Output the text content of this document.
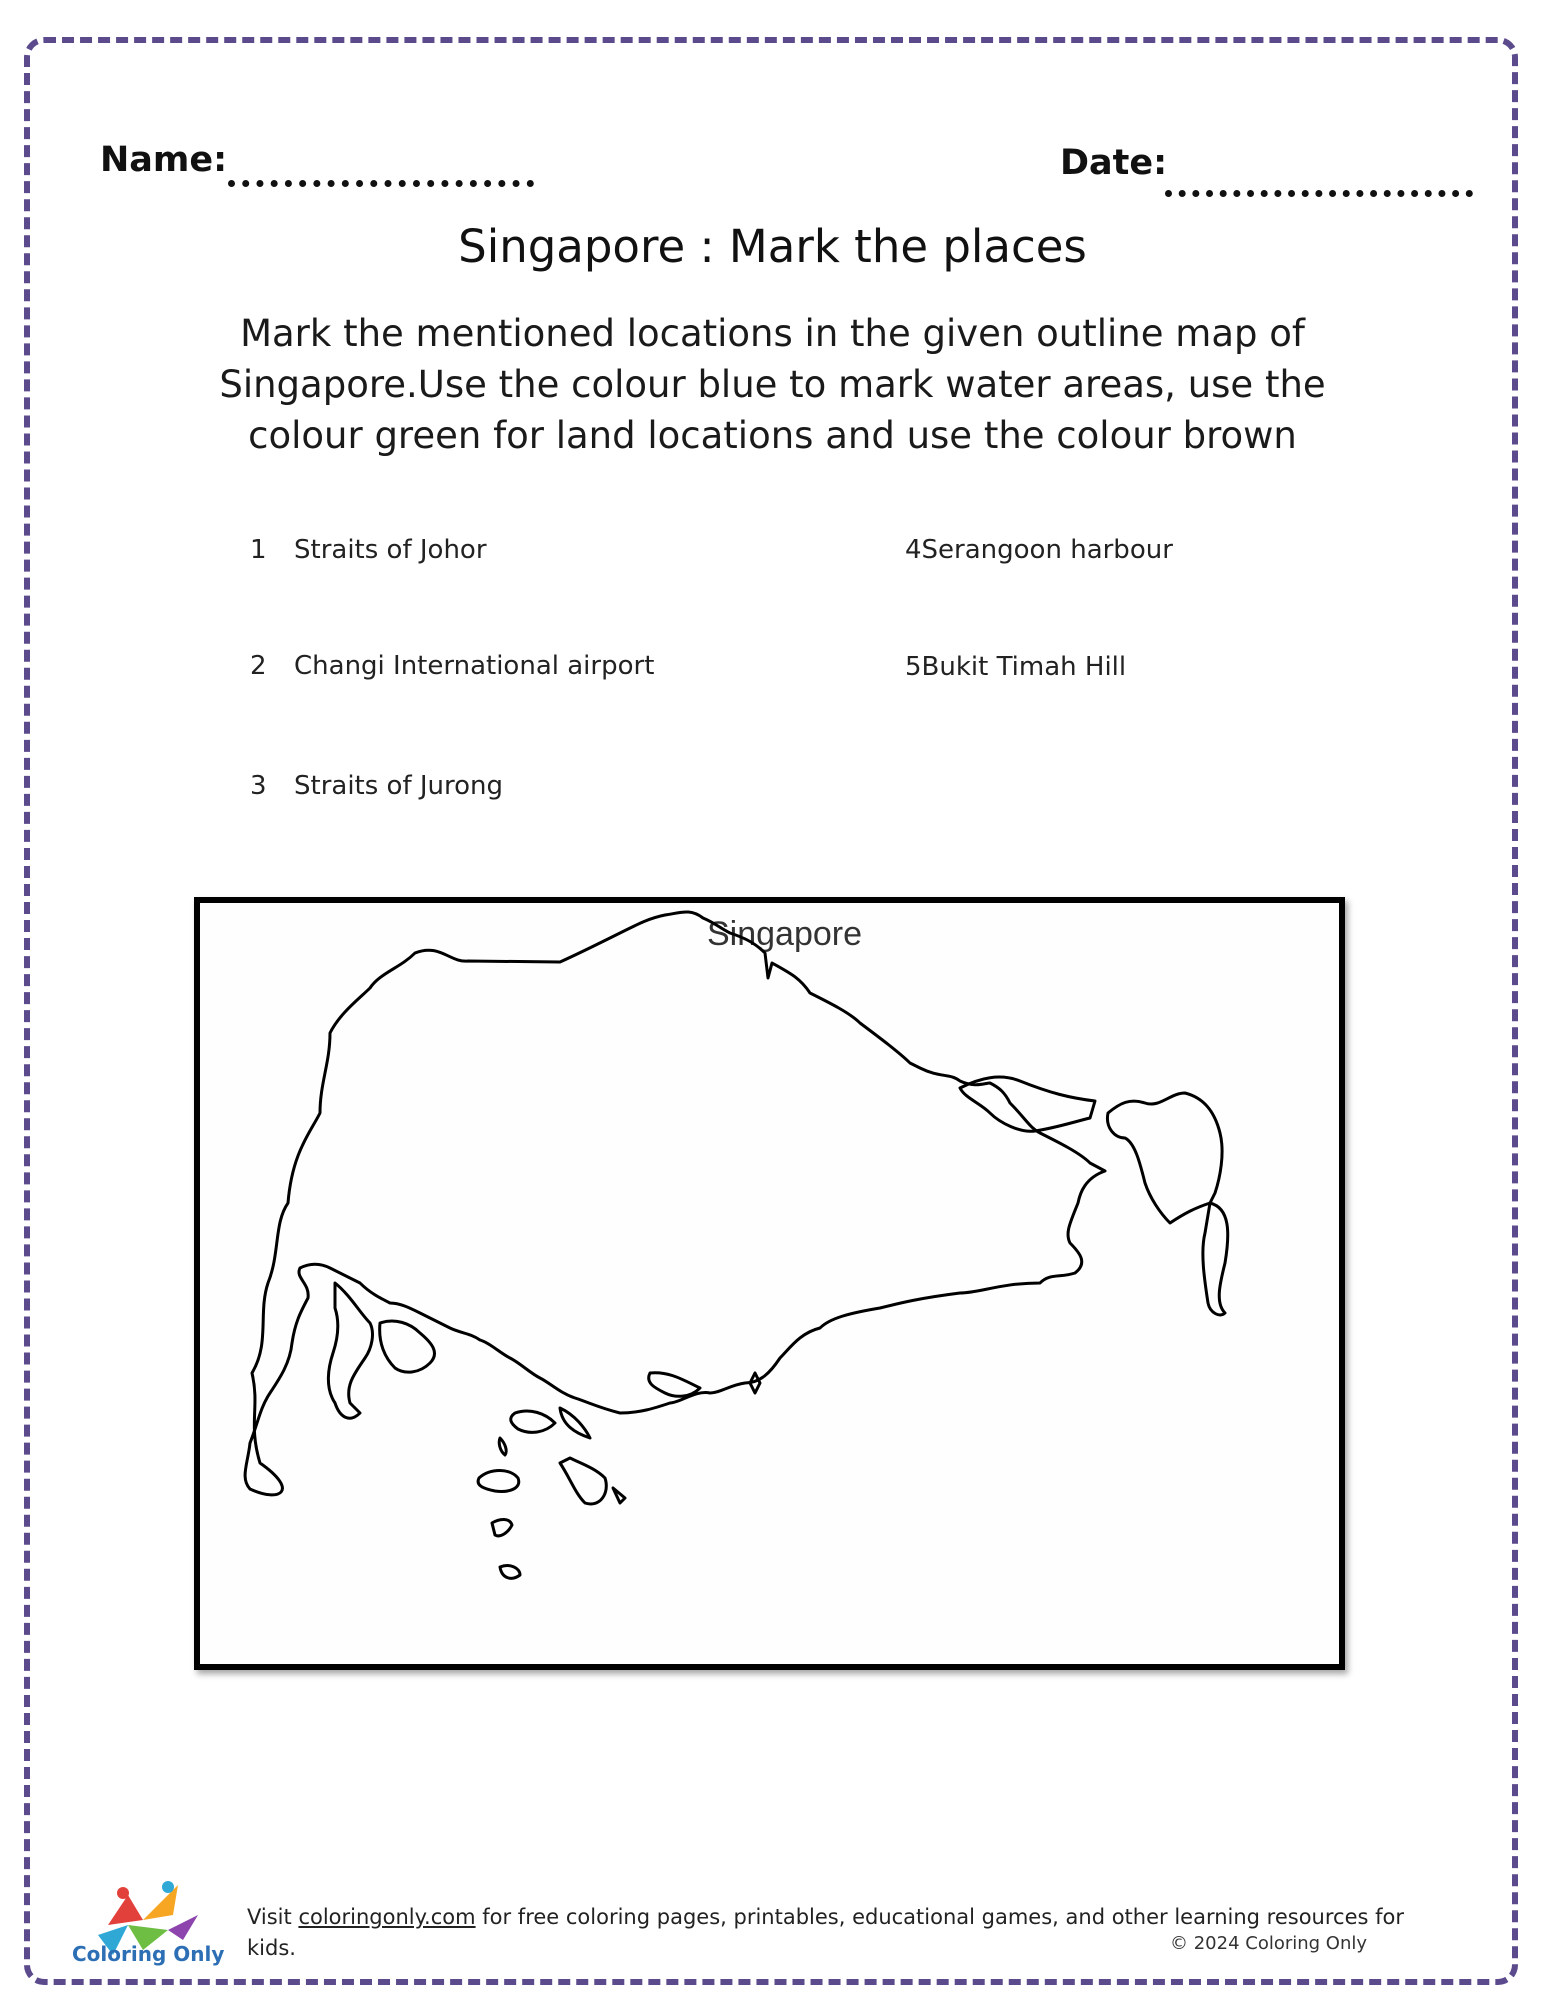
Name:	Date:
Singapore : Mark the places
Mark the mentioned locations in the given outline map of Singapore.Use the colour blue to mark water areas, use the colour green for land locations and use the colour brown
1 Straits of Johor
2 Changi International airport
3 Straits of Jurong
4Serangoon harbour
5Bukit Timah Hill
Singapore
Coloring Only
Visit coloringonly.com for free coloring pages, printables, educational games, and other learning resources for kids.	© 2024 Coloring Only
